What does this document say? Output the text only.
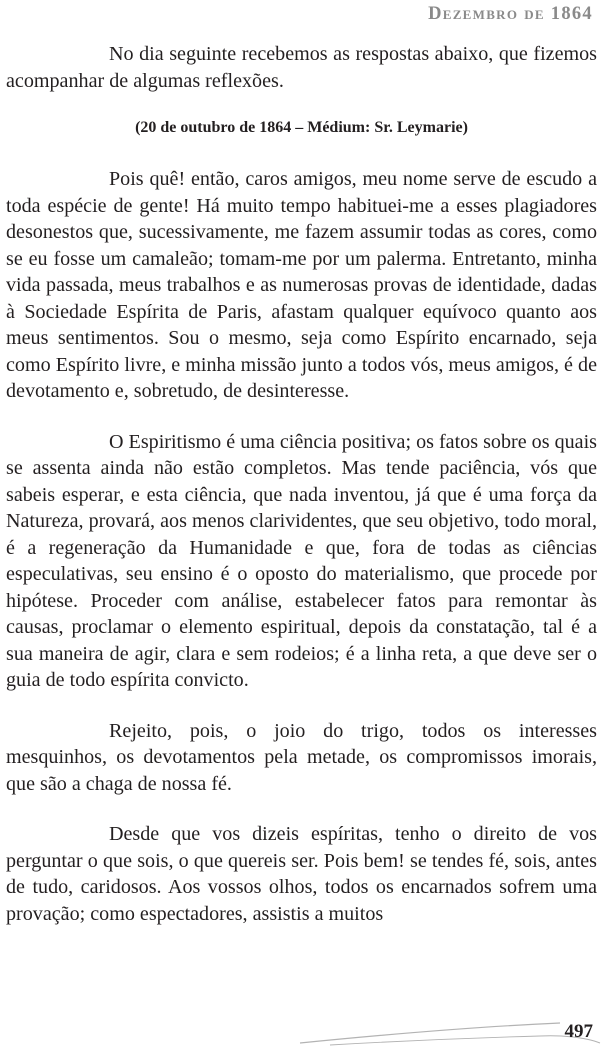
Dezembro de 1864

No dia seguinte recebemos as respostas abaixo, que fizemos acompanhar de algumas reflexões.

(20 de outubro de 1864 – Médium: Sr. Leymarie)

Pois quê! então, caros amigos, meu nome serve de escudo a toda espécie de gente! Há muito tempo habituei-me a esses plagiadores desonestos que, sucessivamente, me fazem assumir todas as cores, como se eu fosse um camaleão; tomam-me por um palerma. Entretanto, minha vida passada, meus trabalhos e as numerosas provas de identidade, dadas à Sociedade Espírita de Paris, afastam qualquer equívoco quanto aos meus sentimentos. Sou o mesmo, seja como Espírito encarnado, seja como Espírito livre, e minha missão junto a todos vós, meus amigos, é de devotamento e, sobretudo, de desinteresse.

O Espiritismo é uma ciência positiva; os fatos sobre os quais se assenta ainda não estão completos. Mas tende paciência, vós que sabeis esperar, e esta ciência, que nada inventou, já que é uma força da Natureza, provará, aos menos clarividentes, que seu objetivo, todo moral, é a regeneração da Humanidade e que, fora de todas as ciências especulativas, seu ensino é o oposto do materialismo, que procede por hipótese. Proceder com análise, estabelecer fatos para remontar às causas, proclamar o elemento espiritual, depois da constatação, tal é a sua maneira de agir, clara e sem rodeios; é a linha reta, a que deve ser o guia de todo espírita convicto.

Rejeito, pois, o joio do trigo, todos os interesses mesquinhos, os devotamentos pela metade, os compromissos imorais, que são a chaga de nossa fé.

Desde que vos dizeis espíritas, tenho o direito de vos perguntar o que sois, o que quereis ser. Pois bem! se tendes fé, sois, antes de tudo, caridosos. Aos vossos olhos, todos os encarnados sofrem uma provação; como espectadores, assistis a muitos

497
